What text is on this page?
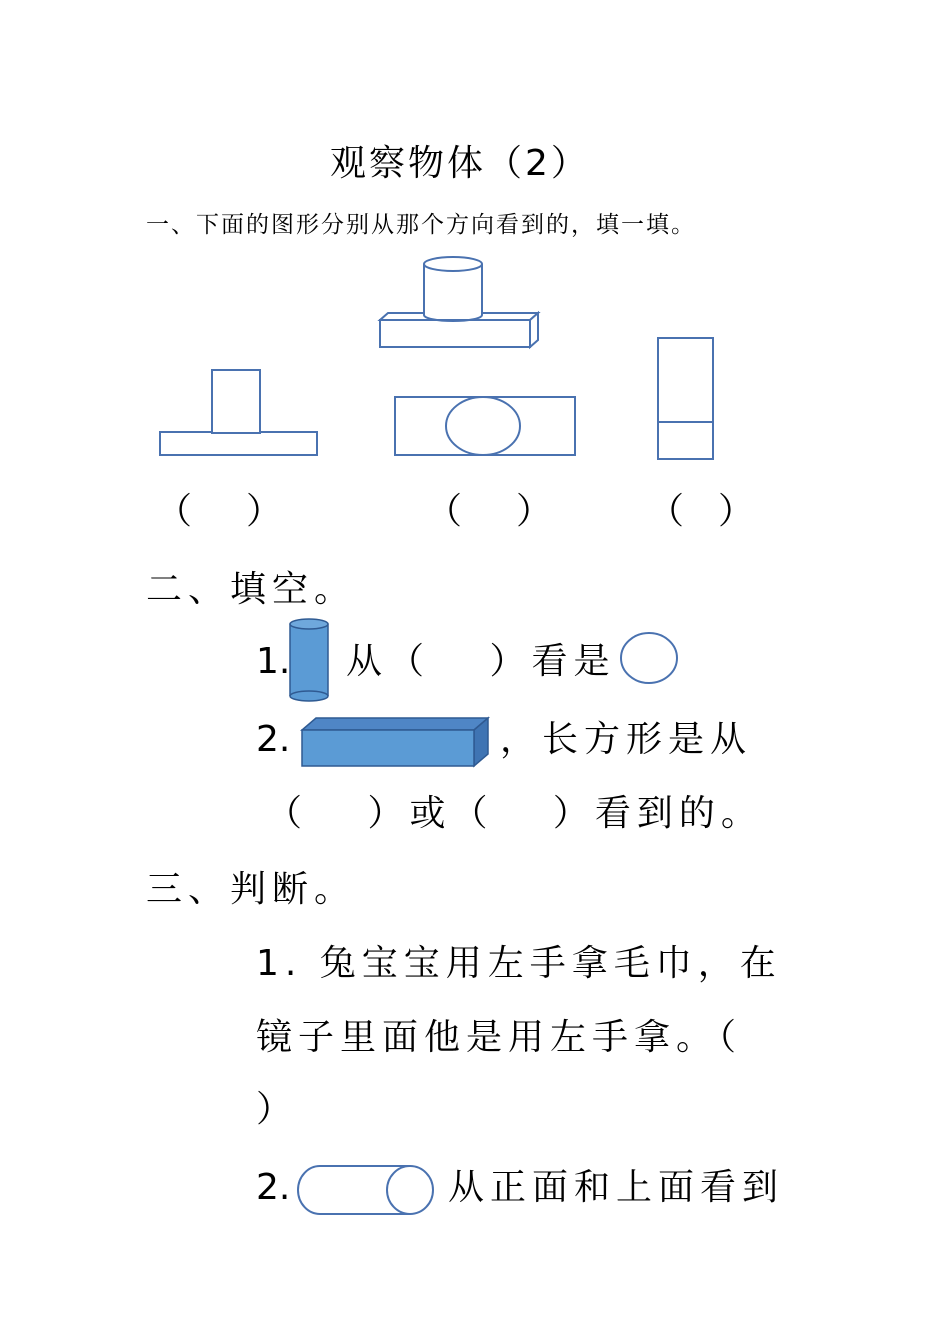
观察物体（2）
一、下面的图形分别从那个方向看到的，填一填。
（ ）	（ ）	（ ）
二、填空。
1. 从（　 ）看是
2.	，长方形是从
（　 ）或（　 ）看到的。
三、判断。
1. 兔宝宝用左手拿毛巾，在
镜子里面他是用左手拿。（
）
2.	从正面和上面看到
